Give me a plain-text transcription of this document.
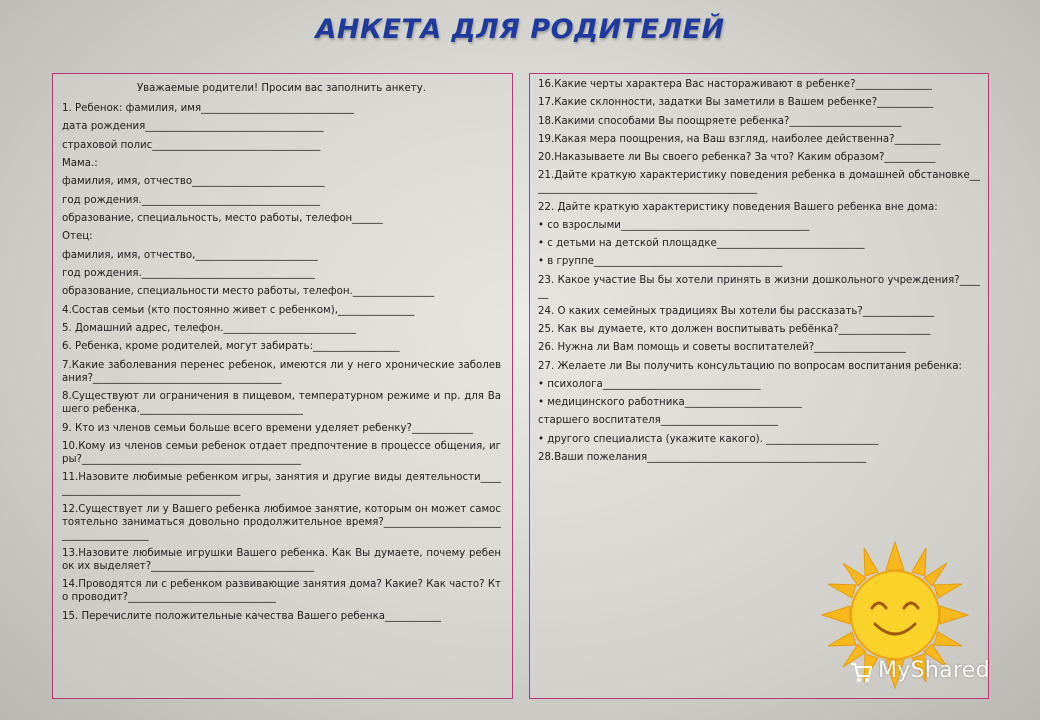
АНКЕТА ДЛЯ РОДИТЕЛЕЙ
Уважаемые родители! Просим вас заполнить анкету.
1. Ребенок: фамилия, имя______________________________
дата рождения___________________________________
страховой полис_________________________________
Мама.:
фамилия, имя, отчество__________________________
год рождения.___________________________________
образование, специальность, место работы, телефон______
Отец:
фамилия, имя, отчество,________________________
год рождения.__________________________________
образование, специальности место работы, телефон.________________
4.Состав семьи (кто постоянно живет с ребенком),_______________
5. Домашний адрес, телефон.__________________________
6. Ребенка, кроме родителей, могут забирать:_________________
7.Какие заболевания перенес ребенок, имеются ли у него хронические заболевания?_____________________________________
8.Существуют ли ограничения в пищевом, температурном режиме и пр. для Вашего ребенка.________________________________
9. Кто из членов семьи больше всего времени уделяет ребенку?____________
10.Кому из членов семьи ребенок отдает предпочтение в процессе общения, игры?___________________________________________
11.Назовите любимые ребенком игры, занятия и другие виды деятельности_______________________________________
12.Существует ли у Вашего ребенка любимое занятие, которым он может самостоятельно заниматься довольно продолжительное время?________________________________________
13.Назовите любимые игрушки Вашего ребенка. Как Вы думаете, почему ребенок их выделяет?________________________________
14.Проводятся ли с ребенком развивающие занятия дома? Какие? Как часто? Кто проводит?_____________________________
15. Перечислите положительные качества Вашего ребенка___________
16.Какие черты характера Вас настораживают в ребенке?_______________
17.Какие склонности, задатки Вы заметили в Вашем ребенке?___________
18.Какими способами Вы поощряете ребенка?______________________
19.Какая мера поощрения, на Ваш взгляд, наиболее действенна?_________
20.Наказываете ли Вы своего ребенка? За что? Каким образом?__________
21.Дайте краткую характеристику поведения ребенка в домашней обстановке_____________________________________________
22. Дайте краткую характеристику поведения Вашего ребенка вне дома:
• со взрослыми_____________________________________
• с детьми на детской площадке_____________________________
• в группе_____________________________________
23. Какое участие Вы бы хотели принять в жизни дошкольного учреждения?______
24. О каких семейных традициях Вы хотели бы рассказать?______________
25. Как вы думаете, кто должен воспитывать ребёнка?__________________
26. Нужна ли Вам помощь и советы воспитателей?__________________
27. Желаете ли Вы получить консультацию по вопросам воспитания ребенка:
• психолога_______________________________
• медицинского работника_______________________
старшего воспитателя_______________________
• другого специалиста (укажите какого). ______________________
28.Ваши пожелания___________________________________________
MyShared
